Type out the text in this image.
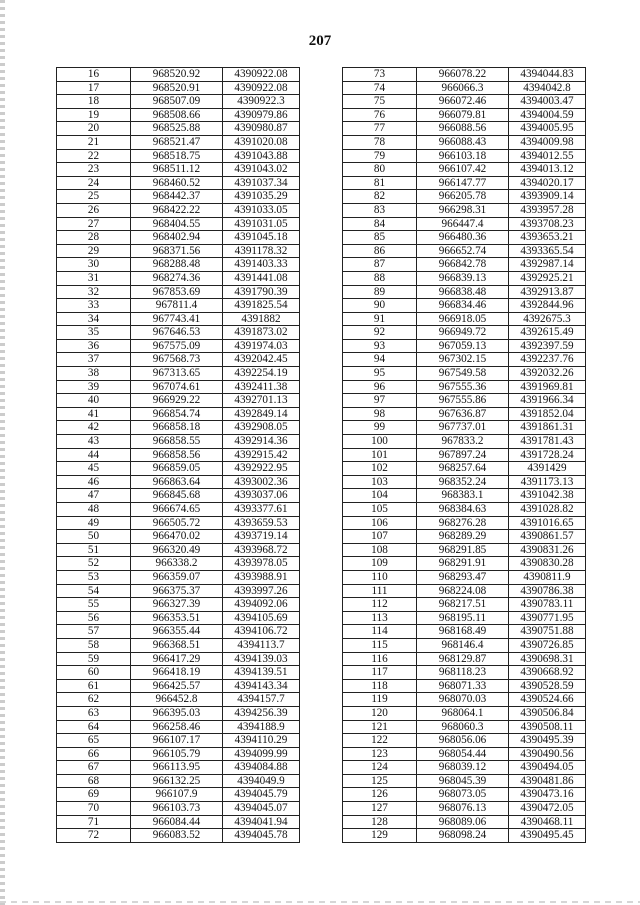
207
16	968520.92	4390922.08
17	968520.91	4390922.08
18	968507.09	4390922.3
19	968508.66	4390979.86
20	968525.88	4390980.87
21	968521.47	4391020.08
22	968518.75	4391043.88
23	968511.12	4391043.02
24	968460.52	4391037.34
25	968442.37	4391035.29
26	968422.22	4391033.05
27	968404.55	4391031.05
28	968402.94	4391045.18
29	968371.56	4391178.32
30	968288.48	4391403.33
31	968274.36	4391441.08
32	967853.69	4391790.39
33	967811.4	4391825.54
34	967743.41	4391882
35	967646.53	4391873.02
36	967575.09	4391974.03
37	967568.73	4392042.45
38	967313.65	4392254.19
39	967074.61	4392411.38
40	966929.22	4392701.13
41	966854.74	4392849.14
42	966858.18	4392908.05
43	966858.55	4392914.36
44	966858.56	4392915.42
45	966859.05	4392922.95
46	966863.64	4393002.36
47	966845.68	4393037.06
48	966674.65	4393377.61
49	966505.72	4393659.53
50	966470.02	4393719.14
51	966320.49	4393968.72
52	966338.2	4393978.05
53	966359.07	4393988.91
54	966375.37	4393997.26
55	966327.39	4394092.06
56	966353.51	4394105.69
57	966355.44	4394106.72
58	966368.51	4394113.7
59	966417.29	4394139.03
60	966418.19	4394139.51
61	966425.57	4394143.34
62	966452.8	4394157.7
63	966395.03	4394256.39
64	966258.46	4394188.9
65	966107.17	4394110.29
66	966105.79	4394099.99
67	966113.95	4394084.88
68	966132.25	4394049.9
69	966107.9	4394045.79
70	966103.73	4394045.07
71	966084.44	4394041.94
72	966083.52	4394045.78
73	966078.22	4394044.83
74	966066.3	4394042.8
75	966072.46	4394003.47
76	966079.81	4394004.59
77	966088.56	4394005.95
78	966088.43	4394009.98
79	966103.18	4394012.55
80	966107.42	4394013.12
81	966147.77	4394020.17
82	966205.78	4393909.14
83	966298.31	4393957.28
84	966447.4	4393708.23
85	966480.36	4393653.21
86	966652.74	4393365.54
87	966842.78	4392987.14
88	966839.13	4392925.21
89	966838.48	4392913.87
90	966834.46	4392844.96
91	966918.05	4392675.3
92	966949.72	4392615.49
93	967059.13	4392397.59
94	967302.15	4392237.76
95	967549.58	4392032.26
96	967555.36	4391969.81
97	967555.86	4391966.34
98	967636.87	4391852.04
99	967737.01	4391861.31
100	967833.2	4391781.43
101	967897.24	4391728.24
102	968257.64	4391429
103	968352.24	4391173.13
104	968383.1	4391042.38
105	968384.63	4391028.82
106	968276.28	4391016.65
107	968289.29	4390861.57
108	968291.85	4390831.26
109	968291.91	4390830.28
110	968293.47	4390811.9
111	968224.08	4390786.38
112	968217.51	4390783.11
113	968195.11	4390771.95
114	968168.49	4390751.88
115	968146.4	4390726.85
116	968129.87	4390698.31
117	968118.23	4390668.92
118	968071.33	4390528.59
119	968070.03	4390524.66
120	968064.1	4390506.84
121	968060.3	4390508.11
122	968056.06	4390495.39
123	968054.44	4390490.56
124	968039.12	4390494.05
125	968045.39	4390481.86
126	968073.05	4390473.16
127	968076.13	4390472.05
128	968089.06	4390468.11
129	968098.24	4390495.45
